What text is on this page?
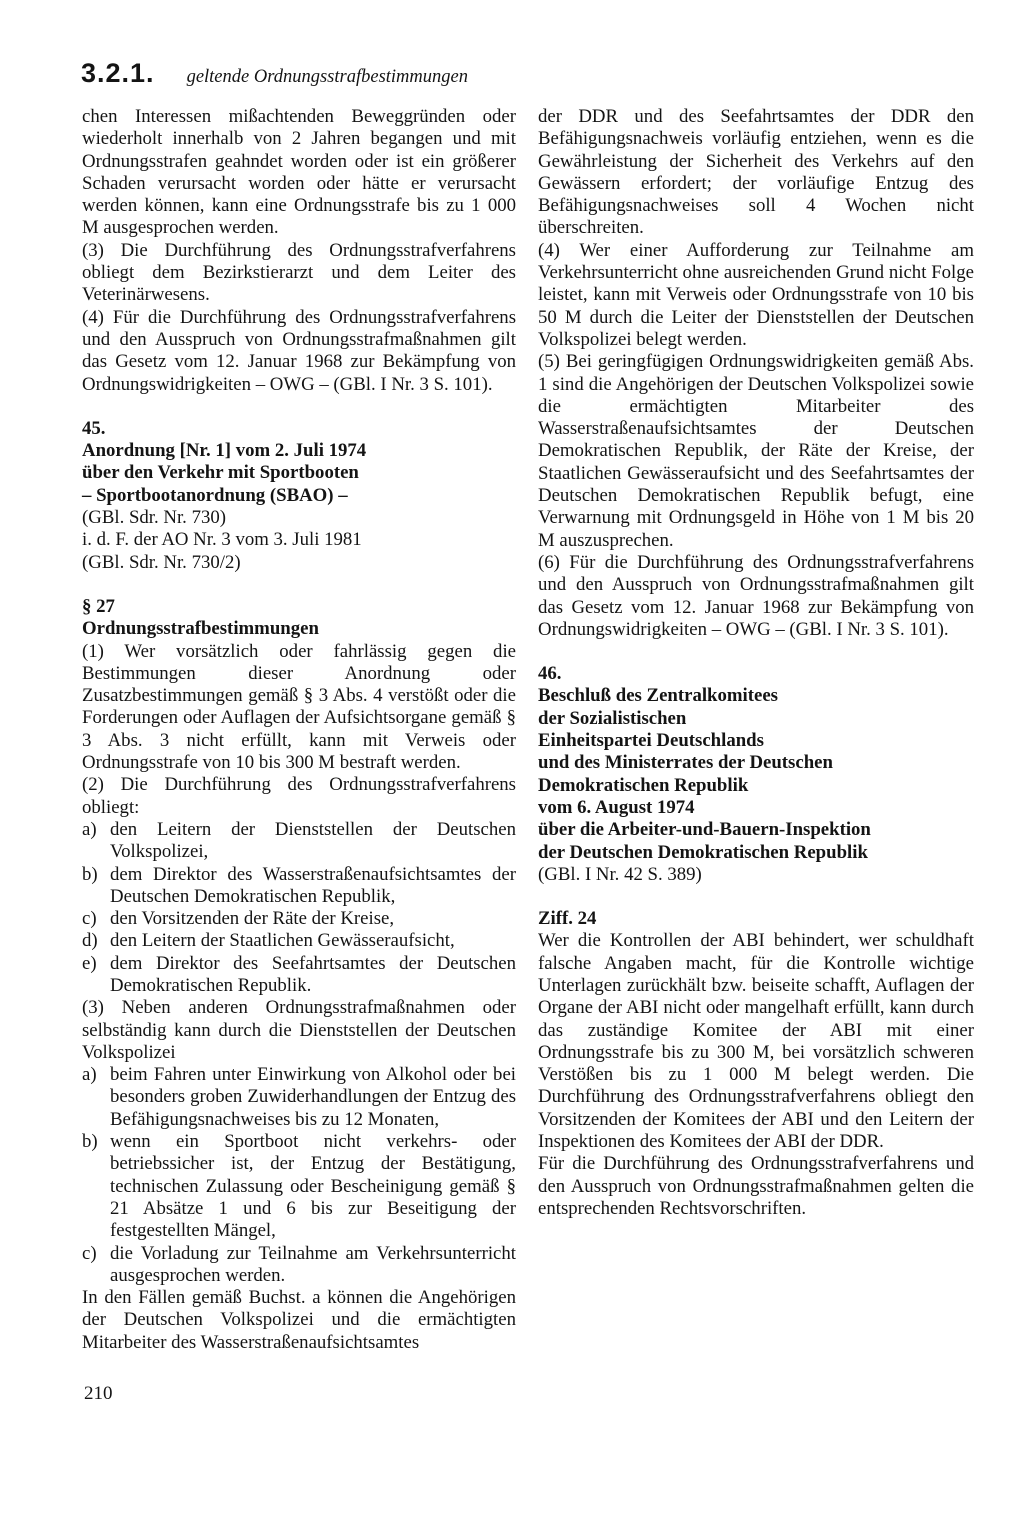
3.2.1. geltende Ordnungsstrafbestimmungen
chen Interessen mißachtenden Beweggründen oder wiederholt innerhalb von 2 Jahren begangen und mit Ordnungsstrafen geahndet worden oder ist ein größerer Schaden verursacht worden oder hätte er verursacht werden können, kann eine Ordnungsstrafe bis zu 1 000 M ausgesprochen werden.
(3) Die Durchführung des Ordnungsstrafverfahrens obliegt dem Bezirkstierarzt und dem Leiter des Veterinärwesens.
(4) Für die Durchführung des Ordnungsstrafverfahrens und den Ausspruch von Ordnungsstrafmaßnahmen gilt das Gesetz vom 12. Januar 1968 zur Bekämpfung von Ordnungswidrigkeiten – OWG – (GBl. I Nr. 3 S. 101).
45.
Anordnung [Nr. 1] vom 2. Juli 1974
über den Verkehr mit Sportbooten
– Sportbootanordnung (SBAO) –
(GBl. Sdr. Nr. 730)
i. d. F. der AO Nr. 3 vom 3. Juli 1981
(GBl. Sdr. Nr. 730/2)
§ 27
Ordnungsstrafbestimmungen
(1) Wer vorsätzlich oder fahrlässig gegen die Bestimmungen dieser Anordnung oder Zusatzbestimmungen gemäß § 3 Abs. 4 verstößt oder die Forderungen oder Auflagen der Aufsichtsorgane gemäß § 3 Abs. 3 nicht erfüllt, kann mit Verweis oder Ordnungsstrafe von 10 bis 300 M bestraft werden.
(2) Die Durchführung des Ordnungsstrafverfahrens obliegt:
a) den Leitern der Dienststellen der Deutschen Volkspolizei,
b) dem Direktor des Wasserstraßenaufsichtsamtes der Deutschen Demokratischen Republik,
c) den Vorsitzenden der Räte der Kreise,
d) den Leitern der Staatlichen Gewässeraufsicht,
e) dem Direktor des Seefahrtsamtes der Deutschen Demokratischen Republik.
(3) Neben anderen Ordnungsstrafmaßnahmen oder selbständig kann durch die Dienststellen der Deutschen Volkspolizei
a) beim Fahren unter Einwirkung von Alkohol oder bei besonders groben Zuwiderhandlungen der Entzug des Befähigungsnachweises bis zu 12 Monaten,
b) wenn ein Sportboot nicht verkehrs- oder betriebssicher ist, der Entzug der Bestätigung, technischen Zulassung oder Bescheinigung gemäß § 21 Absätze 1 und 6 bis zur Beseitigung der festgestellten Mängel,
c) die Vorladung zur Teilnahme am Verkehrsunterricht ausgesprochen werden.
In den Fällen gemäß Buchst. a können die Angehörigen der Deutschen Volkspolizei und die ermächtigten Mitarbeiter des Wasserstraßenaufsichtsamtes
der DDR und des Seefahrtsamtes der DDR den Befähigungsnachweis vorläufig entziehen, wenn es die Gewährleistung der Sicherheit des Verkehrs auf den Gewässern erfordert; der vorläufige Entzug des Befähigungsnachweises soll 4 Wochen nicht überschreiten.
(4) Wer einer Aufforderung zur Teilnahme am Verkehrsunterricht ohne ausreichenden Grund nicht Folge leistet, kann mit Verweis oder Ordnungsstrafe von 10 bis 50 M durch die Leiter der Dienststellen der Deutschen Volkspolizei belegt werden.
(5) Bei geringfügigen Ordnungswidrigkeiten gemäß Abs. 1 sind die Angehörigen der Deutschen Volkspolizei sowie die ermächtigten Mitarbeiter des Wasserstraßenaufsichtsamtes der Deutschen Demokratischen Republik, der Räte der Kreise, der Staatlichen Gewässeraufsicht und des Seefahrtsamtes der Deutschen Demokratischen Republik befugt, eine Verwarnung mit Ordnungsgeld in Höhe von 1 M bis 20 M auszusprechen.
(6) Für die Durchführung des Ordnungsstrafverfahrens und den Ausspruch von Ordnungsstrafmaßnahmen gilt das Gesetz vom 12. Januar 1968 zur Bekämpfung von Ordnungswidrigkeiten – OWG – (GBl. I Nr. 3 S. 101).
46.
Beschluß des Zentralkomitees
der Sozialistischen
Einheitspartei Deutschlands
und des Ministerrates der Deutschen
Demokratischen Republik
vom 6. August 1974
über die Arbeiter-und-Bauern-Inspektion
der Deutschen Demokratischen Republik
(GBl. I Nr. 42 S. 389)
Ziff. 24
Wer die Kontrollen der ABI behindert, wer schuldhaft falsche Angaben macht, für die Kontrolle wichtige Unterlagen zurückhält bzw. beiseite schafft, Auflagen der Organe der ABI nicht oder mangelhaft erfüllt, kann durch das zuständige Komitee der ABI mit einer Ordnungsstrafe bis zu 300 M, bei vorsätzlich schweren Verstößen bis zu 1 000 M belegt werden. Die Durchführung des Ordnungsstrafverfahrens obliegt den Vorsitzenden der Komitees der ABI und den Leitern der Inspektionen des Komitees der ABI der DDR.
Für die Durchführung des Ordnungsstrafverfahrens und den Ausspruch von Ordnungsstrafmaßnahmen gelten die entsprechenden Rechtsvorschriften.
210
